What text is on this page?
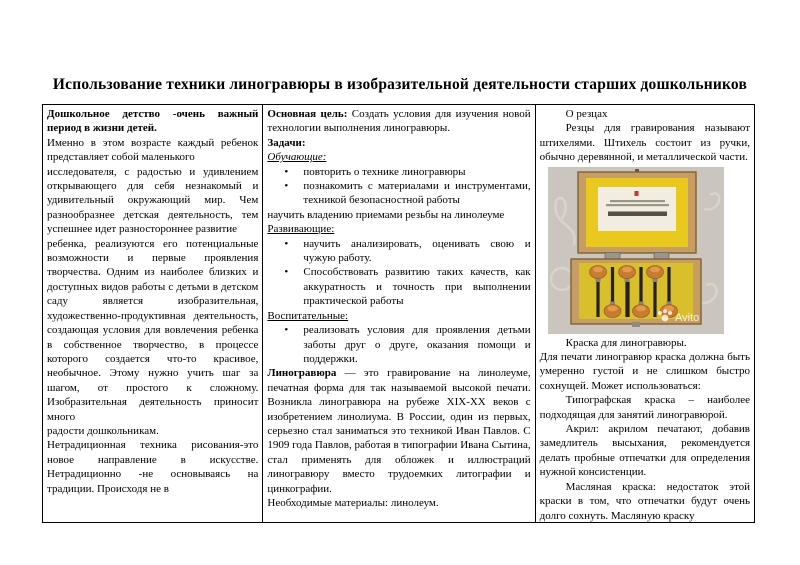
Использование техники линогравюры в изобразительной деятельности старших дошкольников

Дошкольное детство -очень важный период в жизни детей.

Именно в этом возрасте каждый ребенок представляет собой маленького

исследователя, с радостью и удивлением открывающего для себя незнакомый и удивительный окружающий мир. Чем разнообразнее детская деятельность, тем успешнее идет разностороннее развитие

ребенка, реализуются его потенциальные возможности и первые проявления творчества. Одним из наиболее близких и доступных видов работы с детьми в детском саду является изобразительная, художественно-продуктивная деятельность, создающая условия для вовлечения ребенка в собственное творчество, в процессе которого создается что-то красивое, необычное. Этому нужно учить шаг за шагом, от простого к сложному. Изобразительная деятельность приносит много

радости дошкольникам.

Нетрадиционная техника рисования-это новое направление в искусстве. Нетрадиционно -не основываясь на традиции. Происходя не в

Основная цель: Создать условия для изучения новой технологии выполнения линогравюры.

Задачи:

Обучающие:

• повторить о технике линогравюры
• познакомить с материалами и инструментами, техникой безопасностной работы

научить владению приемами резьбы на линолеуме

Развивающие:

• научить анализировать, оценивать свою и чужую работу.
• Способствовать развитию таких качеств, как аккуратность и точность при выполнении практической работы

Воспитательные:

• реализовать условия для проявления детьми заботы друг о друге, оказания помощи и поддержки.

Линогравюра — это гравирование на линолеуме, печатная форма для так называемой высокой печати. Возникла линогравюра на рубеже XIX-XX веков с изобретением линолиума. В России, один из первых, серьезно стал заниматься это техникой Иван Павлов. С 1909 года Павлов, работая в типографии Ивана Сытина, стал применять для обложек и иллюстраций линогравюру вместо трудоемких литографии и цинкографии.

Необходимые материалы: линолеум.

О резцах

Резцы для гравирования называют штихелями. Штихель состоит из ручки, обычно деревянной, и металлической части.

Avito

Краска для линогравюры.

Для печати линогравюр краска должна быть умеренно густой и не слишком быстро сохнущей. Может использоваться:

Типографская краска – наиболее подходящая для занятий линогравюрой.

Акрил: акрилом печатают, добавив замедлитель высыхания, рекомендуется делать пробные отпечатки для определения нужной консистенции.

Масляная краска: недостаток этой краски в том, что отпечатки будут очень долго сохнуть. Масляную краску
